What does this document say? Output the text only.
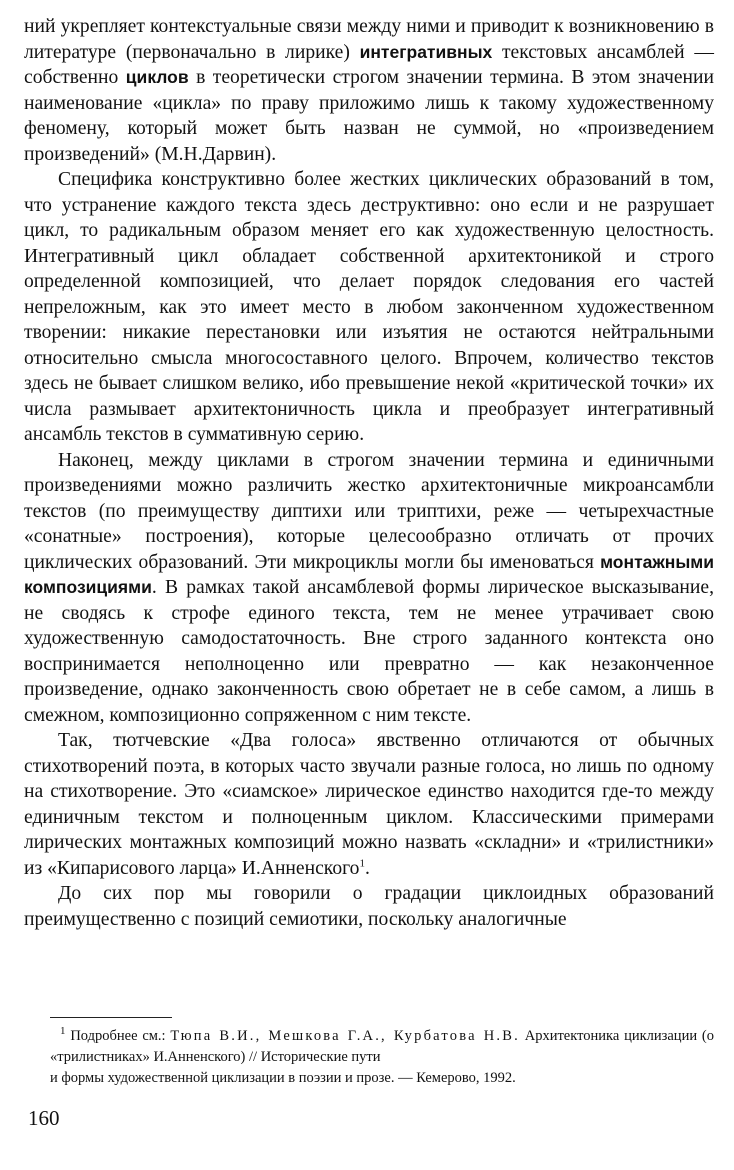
ний укрепляет контекстуальные связи между ними и приводит к возникновению в литературе (первоначально в лирике) интегративных текстовых ансамблей — собственно циклов в теоретически строгом значении термина. В этом значении наименование «цикла» по праву приложимо лишь к такому художественному феномену, который может быть назван не суммой, но «произведением произведений» (М.Н.Дарвин).

Специфика конструктивно более жестких циклических образований в том, что устранение каждого текста здесь деструктивно: оно если и не разрушает цикл, то радикальным образом меняет его как художественную целостность. Интегративный цикл обладает собственной архитектоникой и строго определенной композицией, что делает порядок следования его частей непреложным, как это имеет место в любом законченном художественном творении: никакие перестановки или изъятия не остаются нейтральными относительно смысла многосоставного целого. Впрочем, количество текстов здесь не бывает слишком велико, ибо превышение некой «критической точки» их числа размывает архитектоничность цикла и преобразует интегративный ансамбль текстов в суммативную серию.

Наконец, между циклами в строгом значении термина и единичными произведениями можно различить жестко архитектоничные микроансамбли текстов (по преимуществу диптихи или триптихи, реже — четырехчастные «сонатные» построения), которые целесообразно отличать от прочих циклических образований. Эти микроциклы могли бы именоваться монтажными композициями. В рамках такой ансамблевой формы лирическое высказывание, не сводясь к строфе единого текста, тем не менее утрачивает свою художественную самодостаточность. Вне строго заданного контекста оно воспринимается неполноценно или превратно — как незаконченное произведение, однако законченность свою обретает не в себе самом, а лишь в смежном, композиционно сопряженном с ним тексте.

Так, тютчевские «Два голоса» явственно отличаются от обычных стихотворений поэта, в которых часто звучали разные голоса, но лишь по одному на стихотворение. Это «сиамское» лирическое единство находится где-то между единичным текстом и полноценным циклом. Классическими примерами лирических монтажных композиций можно назвать «складни» и «трилистники» из «Кипарисового ларца» И.Анненского$^1$.

До сих пор мы говорили о градации циклоидных образований преимущественно с позиций семиотики, поскольку аналогичные

$^1$ Подробнее см.: Тюпа В.И., Мешкова Г.А., Курбатова Н.В. Архитектоника циклизации (о «трилистниках» И.Анненского) // Исторические пути
и формы художественной циклизации в поэзии и прозе. — Кемерово, 1992.
160
